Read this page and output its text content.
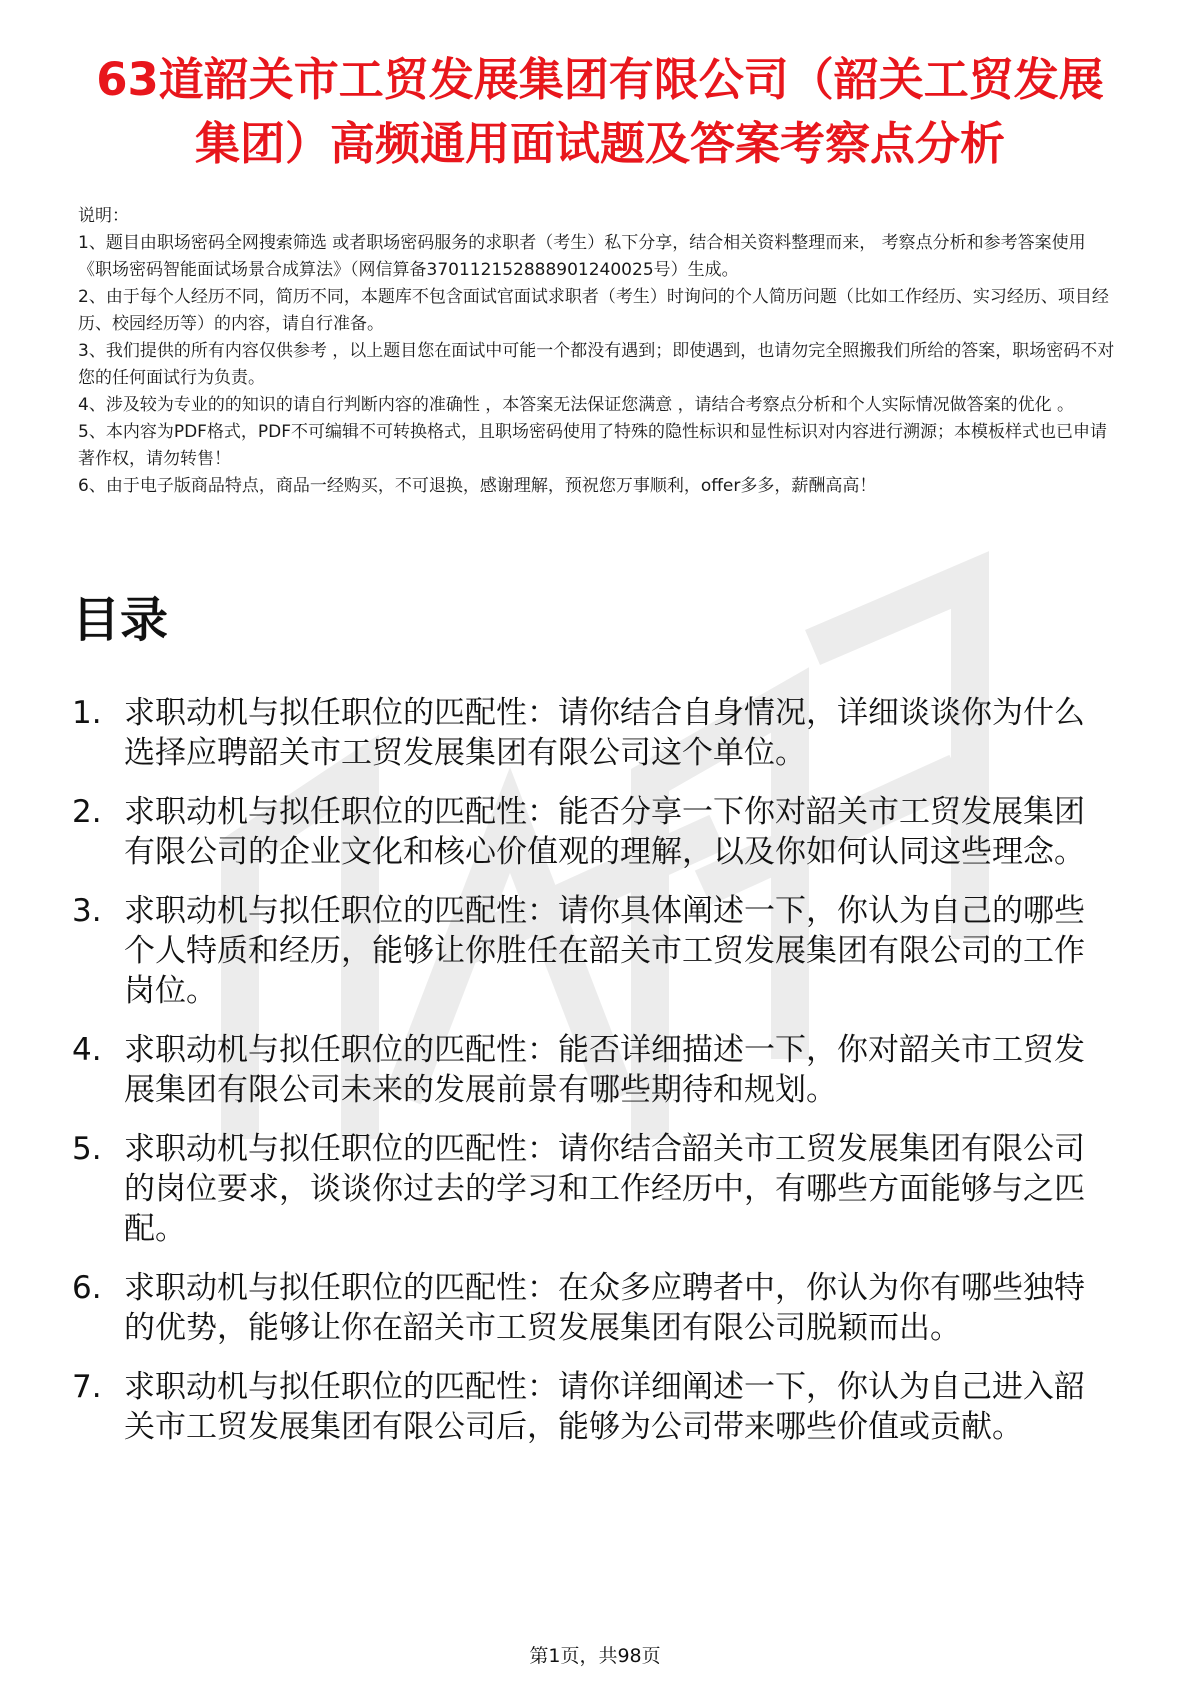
63道韶关市工贸发展集团有限公司（韶关工贸发展集团）高频通用面试题及答案考察点分析

说明：

1、题目由职场密码全网搜索筛选 或者职场密码服务的求职者（考生）私下分享，结合相关资料整理而来， 考察点分析和参考答案使用《职场密码智能面试场景合成算法》（网信算备370112152888901240025号）生成。

2、由于每个人经历不同，简历不同，本题库不包含面试官面试求职者（考生）时询问的个人简历问题（比如工作经历、实习经历、项目经历、校园经历等）的内容，请自行准备。

3、我们提供的所有内容仅供参考 ，以上题目您在面试中可能一个都没有遇到；即使遇到，也请勿完全照搬我们所给的答案，职场密码不对您的任何面试行为负责。

4、涉及较为专业的的知识的请自行判断内容的准确性 ，本答案无法保证您满意 ，请结合考察点分析和个人实际情况做答案的优化 。

5、本内容为PDF格式，PDF不可编辑不可转换格式，且职场密码使用了特殊的隐性标识和显性标识对内容进行溯源；本模板样式也已申请著作权，请勿转售！

6、由于电子版商品特点，商品一经购买，不可退换，感谢理解，预祝您万事顺利，offer多多，薪酬高高！

目录
1. 求职动机与拟任职位的匹配性：请你结合自身情况，详细谈谈你为什么选择应聘韶关市工贸发展集团有限公司这个单位。
2. 求职动机与拟任职位的匹配性：能否分享一下你对韶关市工贸发展集团有限公司的企业文化和核心价值观的理解，以及你如何认同这些理念。
3. 求职动机与拟任职位的匹配性：请你具体阐述一下，你认为自己的哪些个人特质和经历，能够让你胜任在韶关市工贸发展集团有限公司的工作岗位。
4. 求职动机与拟任职位的匹配性：能否详细描述一下，你对韶关市工贸发展集团有限公司未来的发展前景有哪些期待和规划。
5. 求职动机与拟任职位的匹配性：请你结合韶关市工贸发展集团有限公司的岗位要求，谈谈你过去的学习和工作经历中，有哪些方面能够与之匹配。
6. 求职动机与拟任职位的匹配性：在众多应聘者中，你认为你有哪些独特的优势，能够让你在韶关市工贸发展集团有限公司脱颖而出。
7. 求职动机与拟任职位的匹配性：请你详细阐述一下，你认为自己进入韶关市工贸发展集团有限公司后，能够为公司带来哪些价值或贡献。
第1页，共98页
